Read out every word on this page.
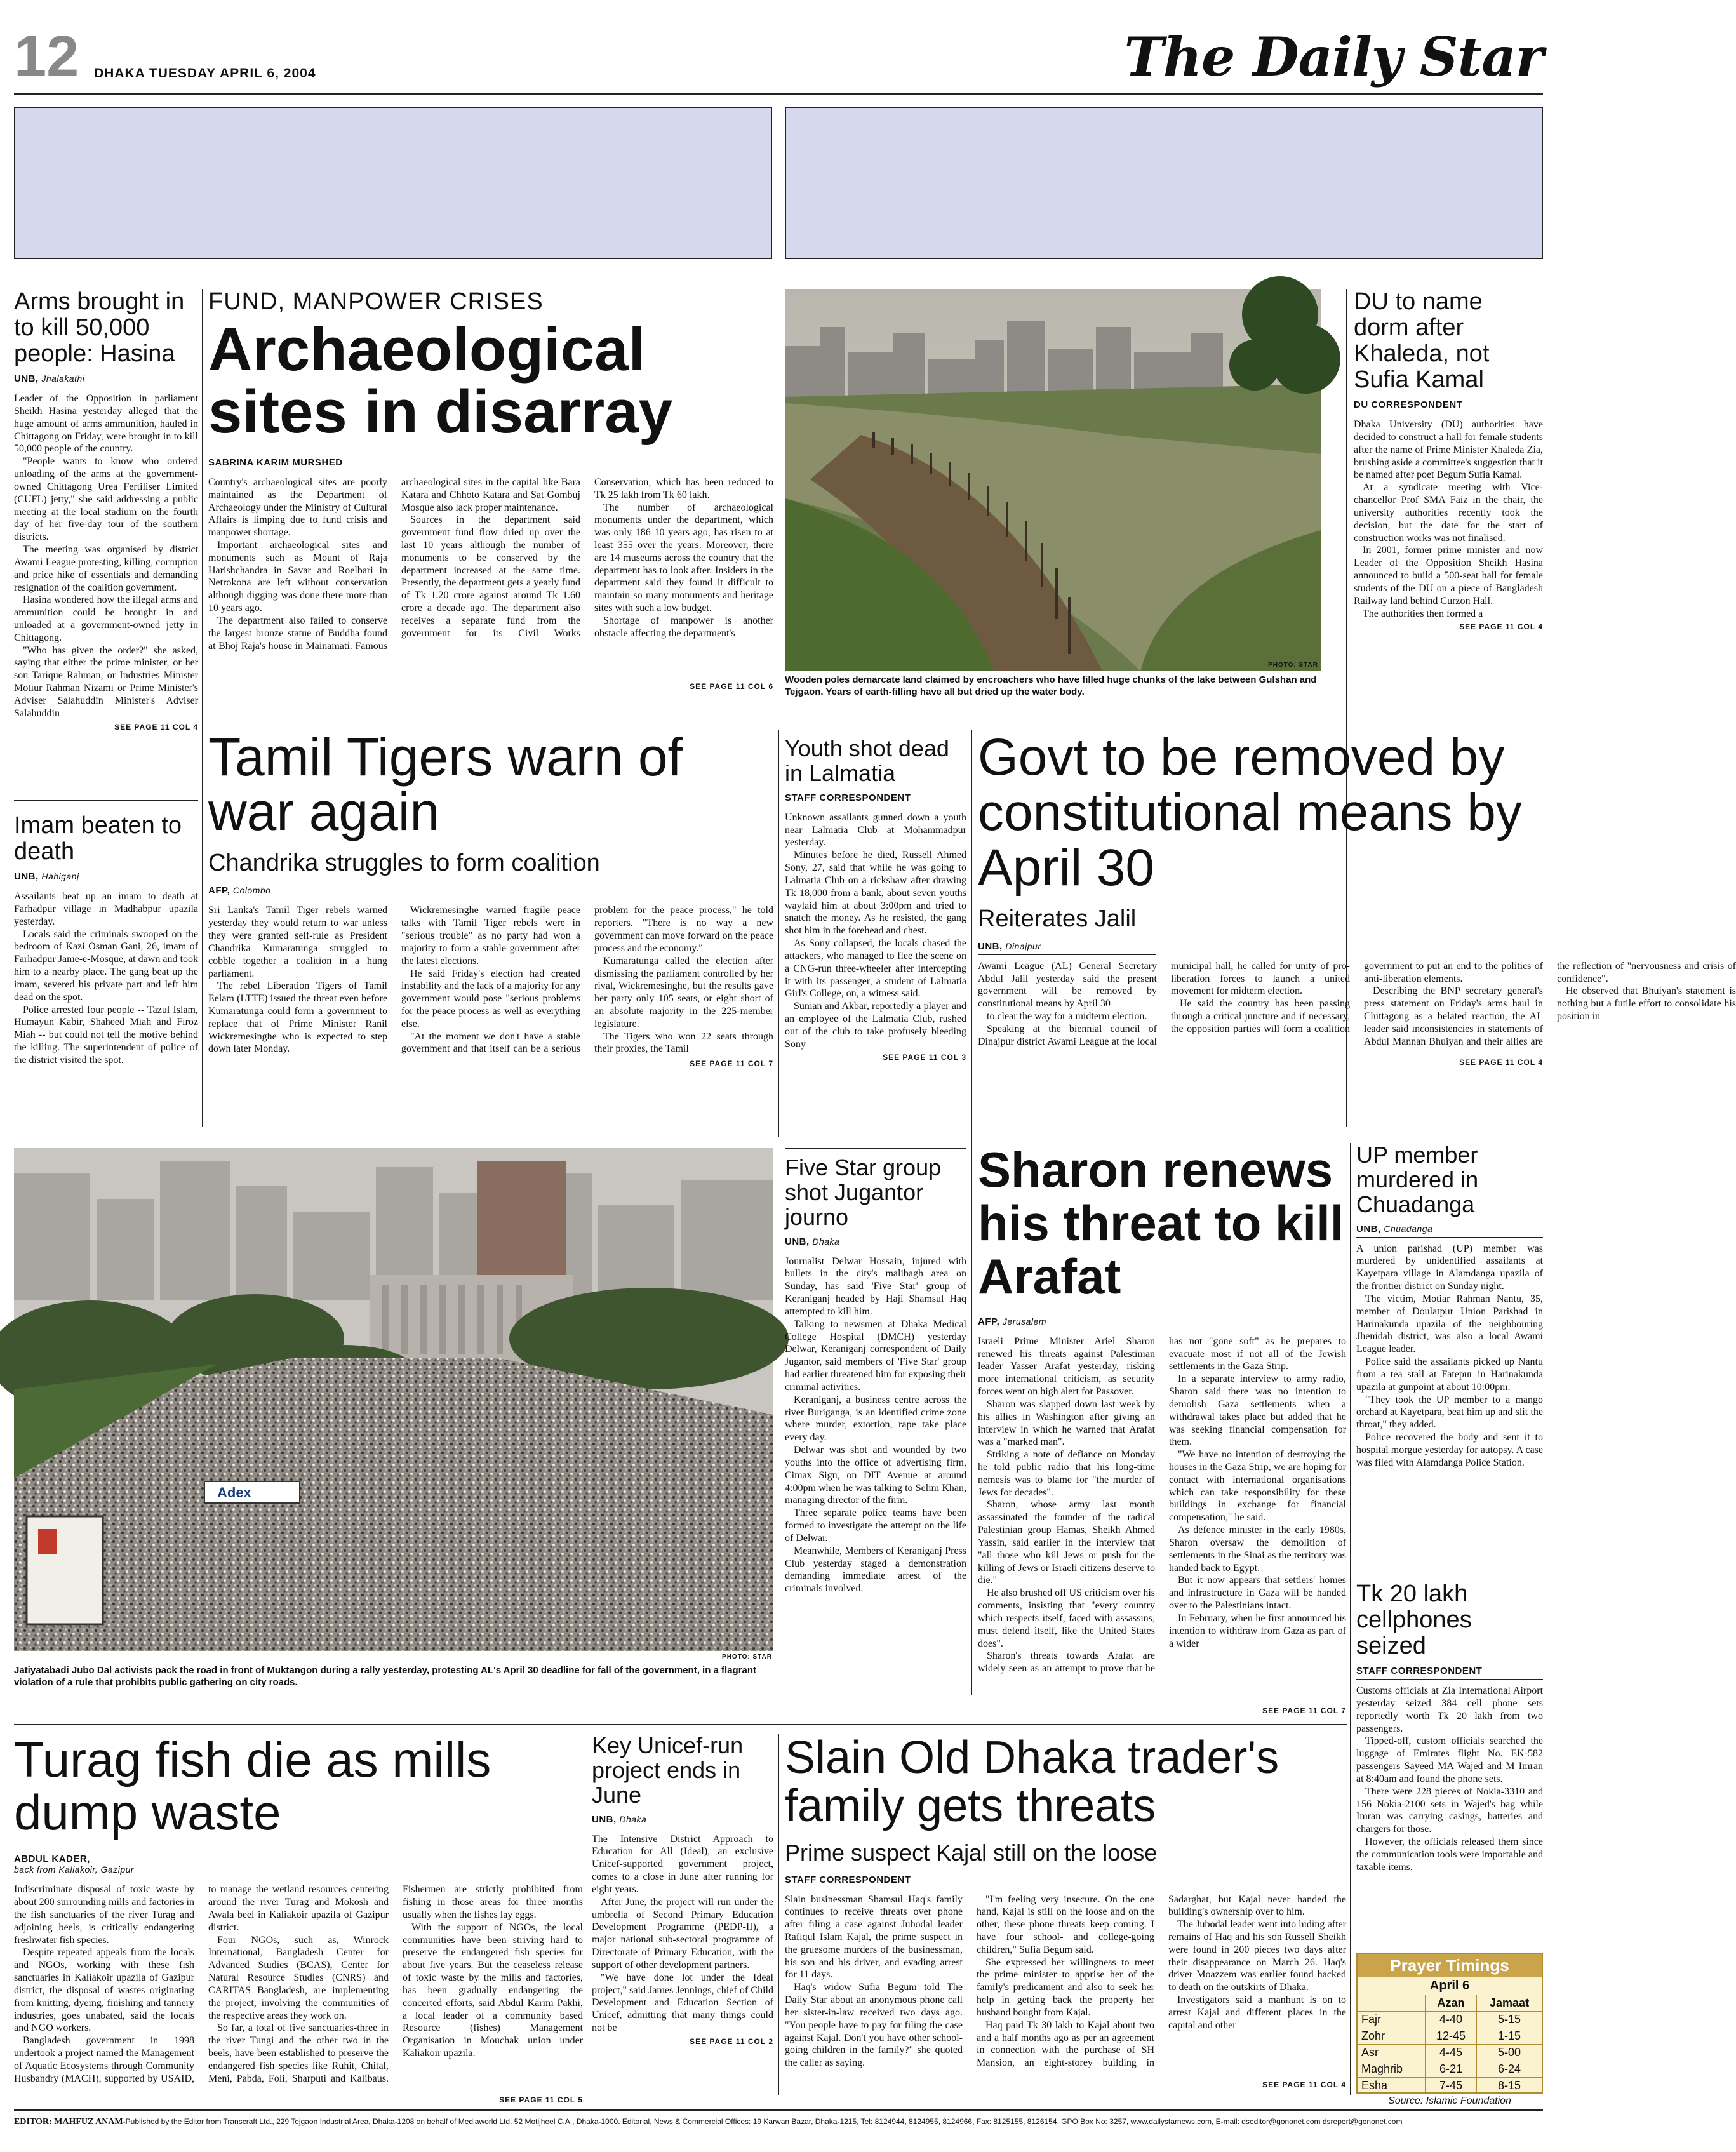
12 DHAKA TUESDAY APRIL 6, 2004	The Daily Star
Arms brought in to kill 50,000 people: Hasina
UNB, Jhalakathi

Leader of the Opposition in parliament Sheikh Hasina yesterday alleged that the huge amount of arms ammunition, hauled in Chittagong on Friday, were brought in to kill 50,000 people of the country.

"People wants to know who ordered unloading of the arms at the government-owned Chittagong Urea Fertiliser Limited (CUFL) jetty," she said addressing a public meeting at the local stadium on the fourth day of her five-day tour of the southern districts.

The meeting was organised by district Awami League protesting, killing, corruption and price hike of essentials and demanding resignation of the coalition government.

Hasina wondered how the illegal arms and ammunition could be brought in and unloaded at a government-owned jetty in Chittagong.

"Who has given the order?" she asked, saying that either the prime minister, or her son Tarique Rahman, or Industries Minister Motiur Rahman Nizami or Prime Minister's Adviser Salahuddin Minister's Adviser Salahuddin

SEE PAGE 11 COL 4
Imam beaten to death
UNB, Habiganj

Assailants beat up an imam to death at Farhadpur village in Madhabpur upazila yesterday.

Locals said the criminals swooped on the bedroom of Kazi Osman Gani, 26, imam of Farhadpur Jame-e-Mosque, at dawn and took him to a nearby place. The gang beat up the imam, severed his private part and left him dead on the spot.

Police arrested four people -- Tazul Islam, Humayun Kabir, Shaheed Miah and Firoz Miah -- but could not tell the motive behind the killing. The superintendent of police of the district visited the spot.

FUND, MANPOWER CRISES
Archaeological sites in disarray
SABRINA KARIM MURSHED

Country's archaeological sites are poorly maintained as the Department of Archaeology under the Ministry of Cultural Affairs is limping due to fund crisis and manpower shortage.

Important archaeological sites and monuments such as Mount of Raja Harishchandra in Savar and Roelbari in Netrokona are left without conservation although digging was done there more than 10 years ago.

The department also failed to conserve the largest bronze statue of Buddha found at Bhoj Raja's house in Mainamati. Famous archaeological sites in the capital like Bara Katara and Chhoto Katara and Sat Gombuj Mosque also lack proper maintenance.

Sources in the department said government fund flow dried up over the last 10 years although the number of monuments to be conserved by the department increased at the same time. Presently, the department gets a yearly fund of Tk 1.20 crore against around Tk 1.60 crore a decade ago. The department also receives a separate fund from the government for its Civil Works Conservation, which has been reduced to Tk 25 lakh from Tk 60 lakh.

The number of archaeological monuments under the department, which was only 186 10 years ago, has risen to at least 355 over the years. Moreover, there are 14 museums across the country that the department has to look after. Insiders in the department said they found it difficult to maintain so many monuments and heritage sites with such a low budget.

Shortage of manpower is another obstacle affecting the department's

SEE PAGE 11 COL 6
PHOTO: STAR
Wooden poles demarcate land claimed by encroachers who have filled huge chunks of the lake between Gulshan and Tejgaon. Years of earth-filling have all but dried up the water body.
DU to name dorm after Khaleda, not Sufia Kamal
DU CORRESPONDENT

Dhaka University (DU) authorities have decided to construct a hall for female students after the name of Prime Minister Khaleda Zia, brushing aside a committee's suggestion that it be named after poet Begum Sufia Kamal.

At a syndicate meeting with Vice-chancellor Prof SMA Faiz in the chair, the university authorities recently took the decision, but the date for the start of construction works was not finalised.

In 2001, former prime minister and now Leader of the Opposition Sheikh Hasina announced to build a 500-seat hall for female students of the DU on a piece of Bangladesh Railway land behind Curzon Hall.

The authorities then formed a

SEE PAGE 11 COL 4
Tamil Tigers warn of war again
Chandrika struggles to form coalition
AFP, Colombo

Sri Lanka's Tamil Tiger rebels warned yesterday they would return to war unless they were granted self-rule as President Chandrika Kumaratunga struggled to cobble together a coalition in a hung parliament.

The rebel Liberation Tigers of Tamil Eelam (LTTE) issued the threat even before Kumaratunga could form a government to replace that of Prime Minister Ranil Wickremesinghe who is expected to step down later Monday.

Wickremesinghe warned fragile peace talks with Tamil Tiger rebels were in "serious trouble" as no party had won a majority to form a stable government after the latest elections.

He said Friday's election had created instability and the lack of a majority for any government would pose "serious problems for the peace process as well as everything else.

"At the moment we don't have a stable government and that itself can be a serious problem for the peace process," he told reporters. "There is no way a new government can move forward on the peace process and the economy."

Kumaratunga called the election after dismissing the parliament controlled by her rival, Wickremesinghe, but the results gave her party only 105 seats, or eight short of an absolute majority in the 225-member legislature.

The Tigers who won 22 seats through their proxies, the Tamil

SEE PAGE 11 COL 7
Youth shot dead in Lalmatia
STAFF CORRESPONDENT

Unknown assailants gunned down a youth near Lalmatia Club at Mohammadpur yesterday.

Minutes before he died, Russell Ahmed Sony, 27, said that while he was going to Lalmatia Club on a rickshaw after drawing Tk 18,000 from a bank, about seven youths waylaid him at about 3:00pm and tried to snatch the money. As he resisted, the gang shot him in the forehead and chest.

As Sony collapsed, the locals chased the attackers, who managed to flee the scene on a CNG-run three-wheeler after intercepting it with its passenger, a student of Lalmatia Girl's College, on, a witness said.

Suman and Akbar, reportedly a player and an employee of the Lalmatia Club, rushed out of the club to take profusely bleeding Sony

SEE PAGE 11 COL 3
Govt to be removed by constitutional means by April 30
Reiterates Jalil
UNB, Dinajpur

Awami League (AL) General Secretary Abdul Jalil yesterday said the present government will be removed by constitutional means by April 30

to clear the way for a midterm election.

Speaking at the biennial council of Dinajpur district Awami League at the local municipal hall, he called for unity of pro-liberation forces to launch a united movement for midterm election.

He said the country has been passing through a critical juncture and if necessary, the opposition parties will form a coalition government to put an end to the politics of anti-liberation elements.

Describing the BNP secretary general's press statement on Friday's arms haul in Chittagong as a belated reaction, the AL leader said inconsistencies in statements of Abdul Mannan Bhuiyan and their allies are the reflection of "nervousness and crisis of confidence".

He observed that Bhuiyan's statement is nothing but a futile effort to consolidate his position in

SEE PAGE 11 COL 4
Adex
PHOTO: STAR
Jatiyatabadi Jubo Dal activists pack the road in front of Muktangon during a rally yesterday, protesting AL's April 30 deadline for fall of the government, in a flagrant violation of a rule that prohibits public gathering on city roads.
Five Star group shot Jugantor journo
UNB, Dhaka

Journalist Delwar Hossain, injured with bullets in the city's malibagh area on Sunday, has said 'Five Star' group of Keraniganj headed by Haji Shamsul Haq attempted to kill him.

Talking to newsmen at Dhaka Medical College Hospital (DMCH) yesterday Delwar, Keraniganj correspondent of Daily Jugantor, said members of 'Five Star' group had earlier threatened him for exposing their criminal activities.

Keraniganj, a business centre across the river Buriganga, is an identified crime zone where murder, extortion, rape take place every day.

Delwar was shot and wounded by two youths into the office of advertising firm, Cimax Sign, on DIT Avenue at around 4:00pm when he was talking to Selim Khan, managing director of the firm.

Three separate police teams have been formed to investigate the attempt on the life of Delwar.

Meanwhile, Members of Keraniganj Press Club yesterday staged a demonstration demanding immediate arrest of the criminals involved.

Sharon renews his threat to kill Arafat
AFP, Jerusalem

Israeli Prime Minister Ariel Sharon renewed his threats against Palestinian leader Yasser Arafat yesterday, risking more international criticism, as security forces went on high alert for Passover.

Sharon was slapped down last week by his allies in Washington after giving an interview in which he warned that Arafat was a "marked man".

Striking a note of defiance on Monday he told public radio that his long-time nemesis was to blame for "the murder of Jews for decades".

Sharon, whose army last month assassinated the founder of the radical Palestinian group Hamas, Sheikh Ahmed Yassin, said earlier in the interview that "all those who kill Jews or push for the killing of Jews or Israeli citizens deserve to die."

He also brushed off US criticism over his comments, insisting that "every country which respects itself, faced with assassins, must defend itself, like the United States does".

Sharon's threats towards Arafat are widely seen as an attempt to prove that he has not "gone soft" as he prepares to evacuate most if not all of the Jewish settlements in the Gaza Strip.

In a separate interview to army radio, Sharon said there was no intention to demolish Gaza settlements when a withdrawal takes place but added that he was seeking financial compensation for them.

"We have no intention of destroying the houses in the Gaza Strip, we are hoping for contact with international organisations which can take responsibility for these buildings in exchange for financial compensation," he said.

As defence minister in the early 1980s, Sharon oversaw the demolition of settlements in the Sinai as the territory was handed back to Egypt.

But it now appears that settlers' homes and infrastructure in Gaza will be handed over to the Palestinians intact.

In February, when he first announced his intention to withdraw from Gaza as part of a wider

SEE PAGE 11 COL 7
UP member murdered in Chuadanga
UNB, Chuadanga

A union parishad (UP) member was murdered by unidentified assailants at Kayetpara village in Alamdanga upazila of the frontier district on Sunday night.

The victim, Motiar Rahman Nantu, 35, member of Doulatpur Union Parishad in Harinakunda upazila of the neighbouring Jhenidah district, was also a local Awami League leader.

Police said the assailants picked up Nantu from a tea stall at Fatepur in Harinakunda upazila at gunpoint at about 10:00pm.

"They took the UP member to a mango orchard at Kayetpara, beat him up and slit the throat," they added.

Police recovered the body and sent it to hospital morgue yesterday for autopsy. A case was filed with Alamdanga Police Station.

Tk 20 lakh cellphones seized
STAFF CORRESPONDENT

Customs officials at Zia International Airport yesterday seized 384 cell phone sets reportedly worth Tk 20 lakh from two passengers.

Tipped-off, custom officials searched the luggage of Emirates flight No. EK-582 passengers Sayeed MA Wajed and M Imran at 8:40am and found the phone sets.

There were 228 pieces of Nokia-3310 and 156 Nokia-2100 sets in Wajed's bag while Imran was carrying casings, batteries and chargers for those.

However, the officials released them since the communication tools were importable and taxable items.

Prayer Timings
April 6
	Azan	Jamaat
Fajr	4-40	5-15
Zohr	12-45	1-15
Asr	4-45	5-00
Maghrib	6-21	6-24
Esha	7-45	8-15
Source: Islamic Foundation
Turag fish die as mills dump waste
ABDUL KADER,
back from Kaliakoir, Gazipur

Indiscriminate disposal of toxic waste by about 200 surrounding mills and factories in the fish sanctuaries of the river Turag and adjoining beels, is critically endangering freshwater fish species.

Despite repeated appeals from the locals and NGOs, working with these fish sanctuaries in Kaliakoir upazila of Gazipur district, the disposal of wastes originating from knitting, dyeing, finishing and tannery industries, goes unabated, said the locals and NGO workers.

Bangladesh government in 1998 undertook a project named the Management of Aquatic Ecosystems through Community Husbandry (MACH), supported by USAID, to manage the wetland resources centering around the river Turag and Mokosh and Awala beel in Kaliakoir upazila of Gazipur district.

Four NGOs, such as, Winrock International, Bangladesh Center for Advanced Studies (BCAS), Center for Natural Resource Studies (CNRS) and CARITAS Bangladesh, are implementing the project, involving the communities of the respective areas they work on.

So far, a total of five sanctuaries-three in the river Tungi and the other two in the beels, have been established to preserve the endangered fish species like Ruhit, Chital, Meni, Pabda, Foli, Sharputi and Kalibaus. Fishermen are strictly prohibited from fishing in those areas for three months usually when the fishes lay eggs.

With the support of NGOs, the local communities have been striving hard to preserve the endangered fish species for about five years. But the ceaseless release of toxic waste by the mills and factories, has been gradually endangering the concerted efforts, said Abdul Karim Pakhi, a local leader of a community based Resource (fishes) Management Organisation in Mouchak union under Kaliakoir upazila.

SEE PAGE 11 COL 5
Key Unicef-run project ends in June
UNB, Dhaka

The Intensive District Approach to Education for All (Ideal), an exclusive Unicef-supported government project, comes to a close in June after running for eight years.

After June, the project will run under the umbrella of Second Primary Education Development Programme (PEDP-II), a major national sub-sectoral programme of Directorate of Primary Education, with the support of other development partners.

"We have done lot under the Ideal project," said James Jennings, chief of Child Development and Education Section of Unicef, admitting that many things could not be

SEE PAGE 11 COL 2
Slain Old Dhaka trader's family gets threats
Prime suspect Kajal still on the loose
STAFF CORRESPONDENT

Slain businessman Shamsul Haq's family continues to receive threats over phone after filing a case against Jubodal leader Rafiqul Islam Kajal, the prime suspect in the gruesome murders of the businessman, his son and his driver, and evading arrest for 11 days.

Haq's widow Sufia Begum told The Daily Star about an anonymous phone call her sister-in-law received two days ago. "You people have to pay for filing the case against Kajal. Don't you have other school-going children in the family?" she quoted the caller as saying.

"I'm feeling very insecure. On the one hand, Kajal is still on the loose and on the other, these phone threats keep coming. I have four school- and college-going children," Sufia Begum said.

She expressed her willingness to meet the prime minister to apprise her of the family's predicament and also to seek her help in getting back the property her husband bought from Kajal.

Haq paid Tk 30 lakh to Kajal about two and a half months ago as per an agreement in connection with the purchase of SH Mansion, an eight-storey building in Sadarghat, but Kajal never handed the building's ownership over to him.

The Jubodal leader went into hiding after remains of Haq and his son Russell Sheikh were found in 200 pieces two days after their disappearance on March 26. Haq's driver Moazzem was earlier found hacked to death on the outskirts of Dhaka.

Investigators said a manhunt is on to arrest Kajal and different places in the capital and other

SEE PAGE 11 COL 4
EDITOR: MAHFUZ ANAM-Published by the Editor from Transcraft Ltd., 229 Tejgaon Industrial Area, Dhaka-1208 on behalf of Mediaworld Ltd. 52 Motijheel C.A., Dhaka-1000. Editorial, News & Commercial Offices: 19 Karwan Bazar, Dhaka-1215, Tel: 8124944, 8124955, 8124966, Fax: 8125155, 8126154, GPO Box No: 3257, www.dailystarnews.com, E-mail: dseditor@gononet.com dsreport@gononet.com
